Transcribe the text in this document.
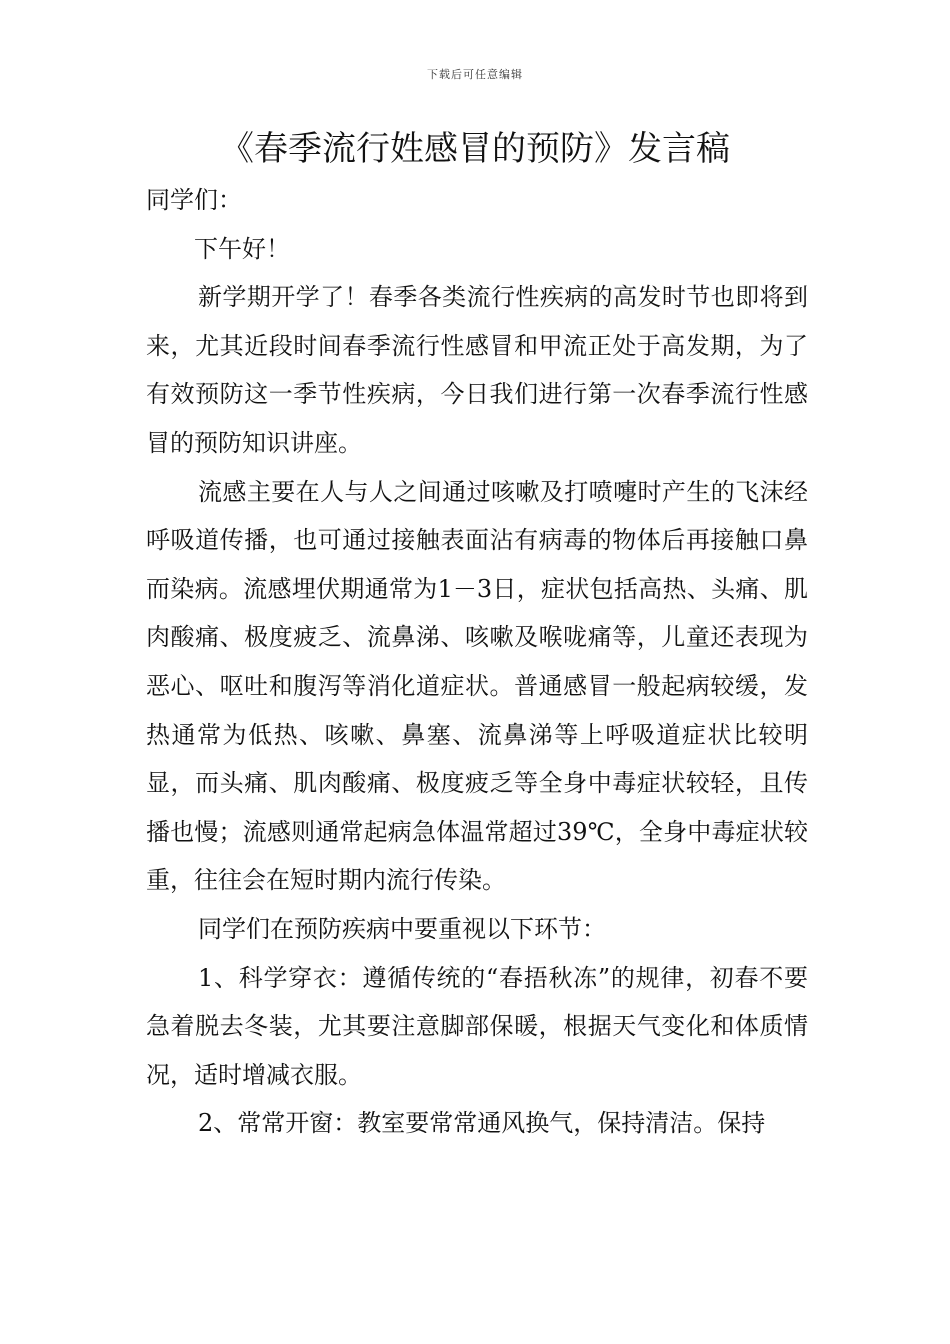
下载后可任意编辑
《春季流行姓感冒的预防》发言稿

同学们：

下午好！

新学期开学了！春季各类流行性疾病的高发时节也即将到来，尤其近段时间春季流行性感冒和甲流正处于高发期，为了有效预防这一季节性疾病，今日我们进行第一次春季流行性感冒的预防知识讲座。

流感主要在人与人之间通过咳嗽及打喷嚏时产生的飞沫经呼吸道传播，也可通过接触表面沾有病毒的物体后再接触口鼻而染病。流感埋伏期通常为1－3日，症状包括高热、头痛、肌肉酸痛、极度疲乏、流鼻涕、咳嗽及喉咙痛等，儿童还表现为恶心、呕吐和腹泻等消化道症状。普通感冒一般起病较缓，发热通常为低热、咳嗽、鼻塞、流鼻涕等上呼吸道症状比较明显，而头痛、肌肉酸痛、极度疲乏等全身中毒症状较轻，且传播也慢；流感则通常起病急体温常超过39℃，全身中毒症状较重，往往会在短时期内流行传染。

同学们在预防疾病中要重视以下环节：

1、科学穿衣：遵循传统的“春捂秋冻”的规律，初春不要急着脱去冬装，尤其要注意脚部保暖，根据天气变化和体质情况，适时增减衣服。

2、常常开窗：教室要常常通风换气，保持清洁。保持
